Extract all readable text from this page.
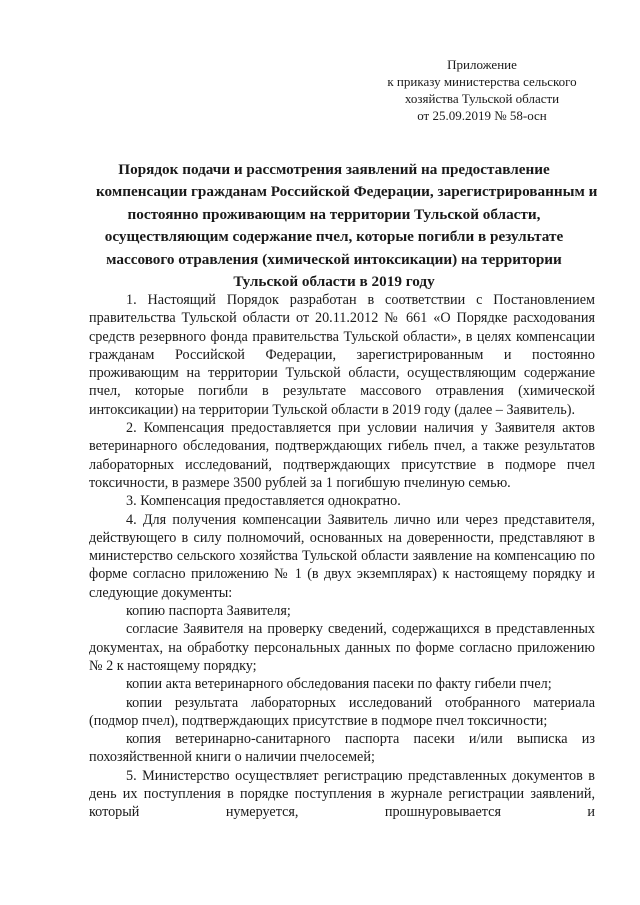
Приложение
к приказу министерства сельского
хозяйства Тульской области
от 25.09.2019 № 58-осн
Порядок подачи и рассмотрения заявлений на предоставление
компенсации гражданам Российской Федерации, зарегистрированным и
постоянно проживающим на территории Тульской области,
осуществляющим содержание пчел, которые погибли в результате
массового отравления (химической интоксикации) на территории
Тульской области в 2019 году

1. Настоящий Порядок разработан в соответствии с Постановлением правительства Тульской области от 20.11.2012 № 661 «О Порядке расходования средств резервного фонда правительства Тульской области», в целях компенсации гражданам Российской Федерации, зарегистрированным и постоянно проживающим на территории Тульской области, осуществляющим содержание пчел, которые погибли в результате массового отравления (химической интоксикации) на территории Тульской области в 2019 году (далее – Заявитель).

2. Компенсация предоставляется при условии наличия у Заявителя актов ветеринарного обследования, подтверждающих гибель пчел, а также результатов лабораторных исследований, подтверждающих присутствие в подморе пчел токсичности, в размере 3500 рублей за 1 погибшую пчелиную семью.

3. Компенсация предоставляется однократно.

4. Для получения компенсации Заявитель лично или через представителя, действующего в силу полномочий, основанных на доверенности, представляют в министерство сельского хозяйства Тульской области заявление на компенсацию по форме согласно приложению № 1 (в двух экземплярах) к настоящему порядку и следующие документы:

копию паспорта Заявителя;

согласие Заявителя на проверку сведений, содержащихся в представленных документах, на обработку персональных данных по форме согласно приложению № 2 к настоящему порядку;

копии акта ветеринарного обследования пасеки по факту гибели пчел;

копии результата лабораторных исследований отобранного материала (подмор пчел), подтверждающих присутствие в подморе пчел токсичности;

копия ветеринарно-санитарного паспорта пасеки и/или выписка из похозяйственной книги о наличии пчелосемей;

5. Министерство осуществляет регистрацию представленных документов в день их поступления в порядке поступления в журнале регистрации заявлений, который нумеруется, прошнуровывается и
